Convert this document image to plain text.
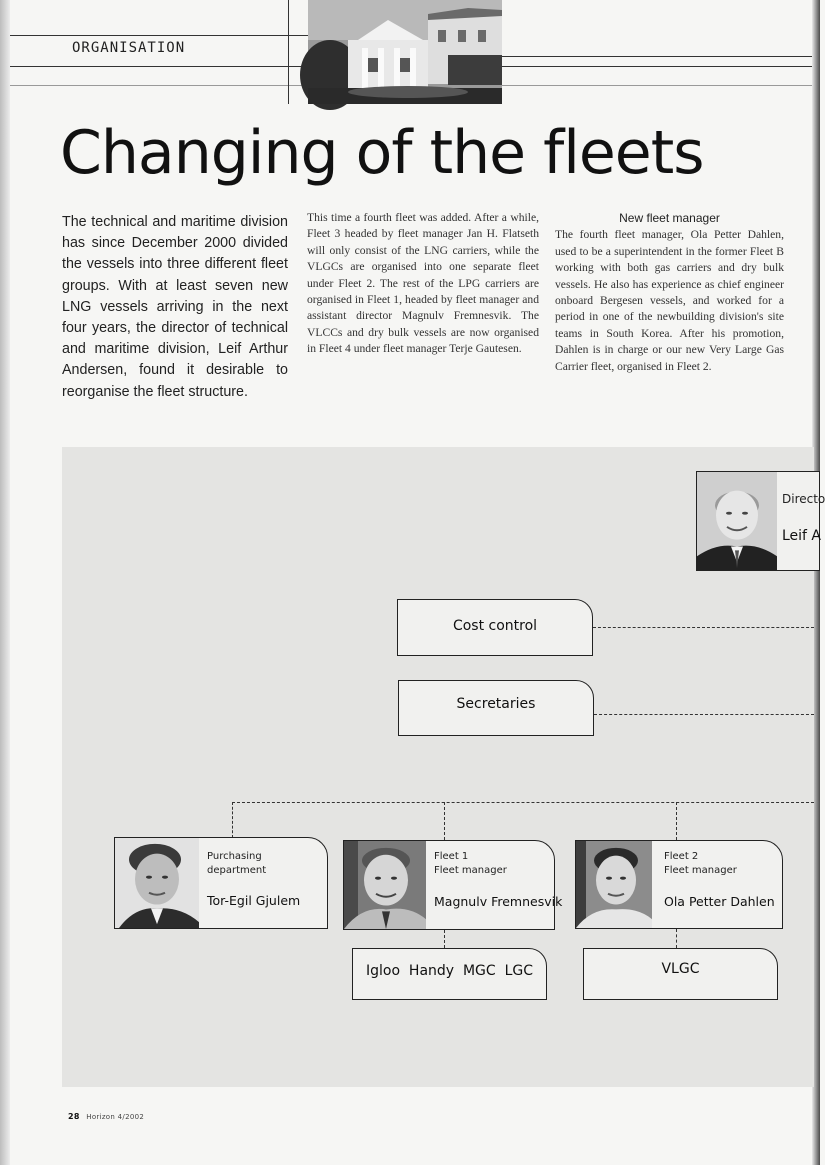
ORGANISATION
Changing of the fleets

The technical and maritime division has since December 2000 divided the vessels into three different fleet groups. With at least seven new LNG vessels arriving in the next four years, the director of technical and maritime division, Leif Arthur Andersen, found it desirable to reorganise the fleet structure.

This time a fourth fleet was added. After a while, Fleet 3 headed by fleet manager Jan H. Flatseth will only consist of the LNG carriers, while the VLGCs are organised into one separate fleet under Fleet 2. The rest of the LPG carriers are organised in Fleet 1, headed by fleet manager and assistant director Magnulv Fremnesvik. The VLCCs and dry bulk vessels are now organised in Fleet 4 under fleet manager Terje Gautesen.

New fleet manager

The fourth fleet manager, Ola Petter Dahlen, used to be a superintendent in the former Fleet B working with both gas carriers and dry bulk vessels. He also has experience as chief engineer onboard Bergesen vessels, and worked for a period in one of the newbuilding division's site teams in South Korea. After his promotion, Dahlen is in charge or our new Very Large Gas Carrier fleet, organised in Fleet 2.

Directo
Leif A
Cost control
Secretaries
Purchasing
department
Tor-Egil Gjulem
Fleet 1
Fleet manager
Magnulv Fremnesvik
Fleet 2
Fleet manager
Ola Petter Dahlen
Igloo  Handy  MGC  LGC	VLGC
28 Horizon 4/2002
